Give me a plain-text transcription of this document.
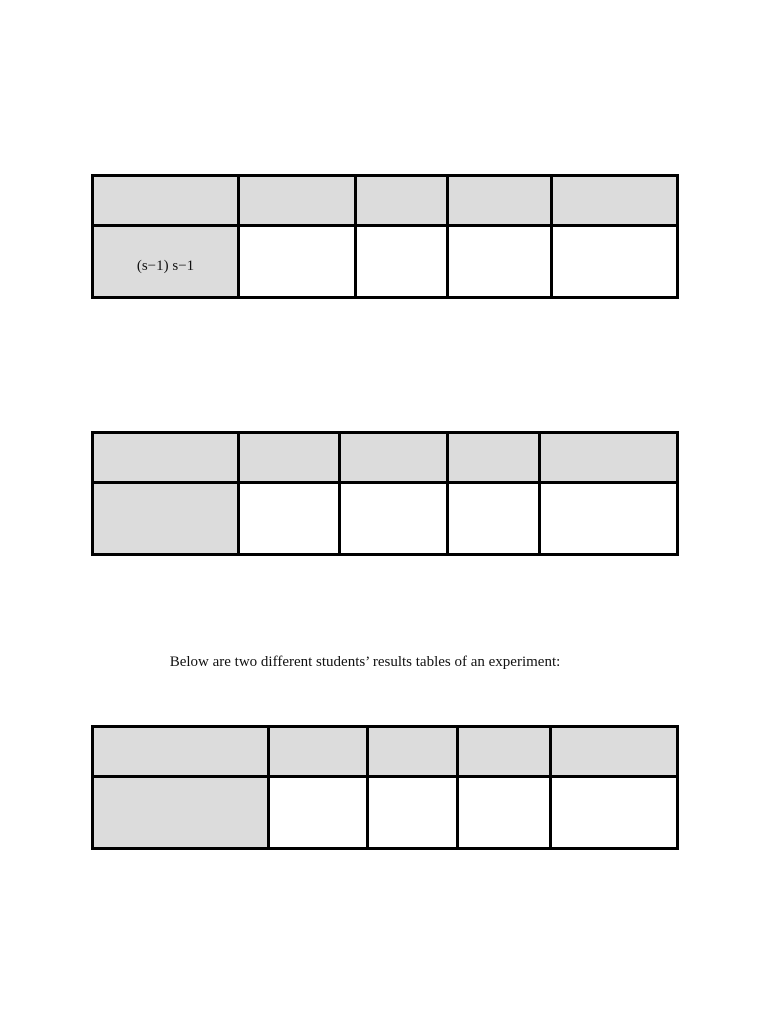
(s−1) s−1				

Below are two different students’ results tables of an experiment:
